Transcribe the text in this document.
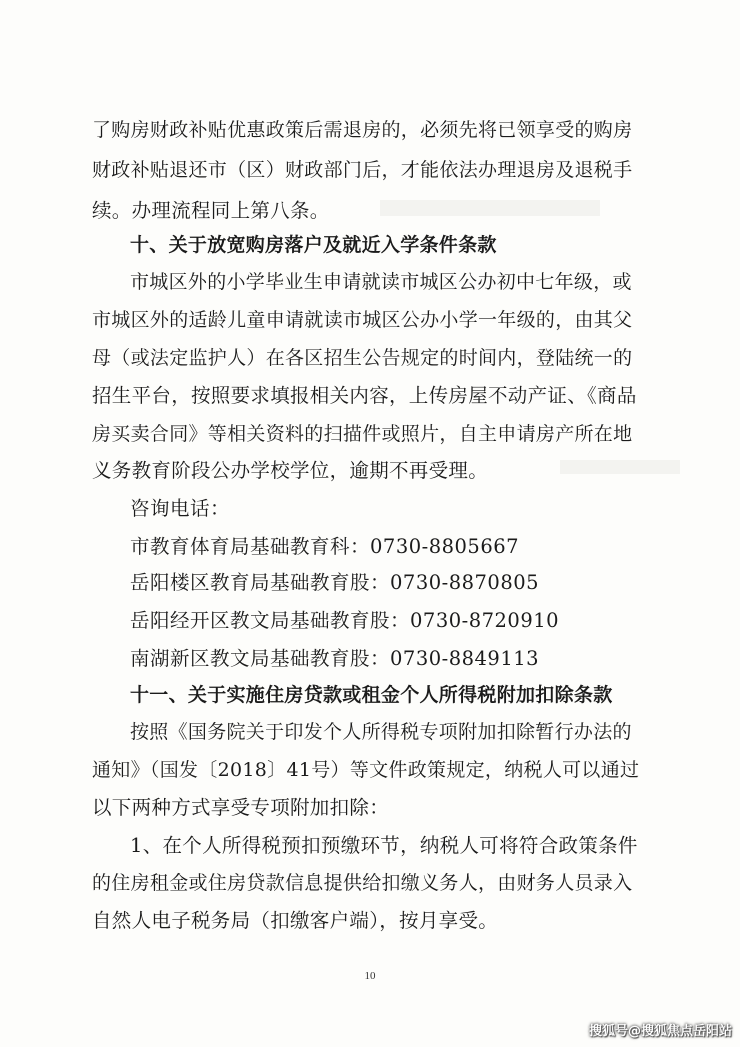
了购房财政补贴优惠政策后需退房的，必须先将已领享受的购房
财政补贴退还市（区）财政部门后，才能依法办理退房及退税手
续。办理流程同上第八条。
十、关于放宽购房落户及就近入学条件条款
市城区外的小学毕业生申请就读市城区公办初中七年级，或
市城区外的适龄儿童申请就读市城区公办小学一年级的，由其父
母（或法定监护人）在各区招生公告规定的时间内，登陆统一的
招生平台，按照要求填报相关内容，上传房屋不动产证、《商品
房买卖合同》等相关资料的扫描件或照片，自主申请房产所在地
义务教育阶段公办学校学位，逾期不再受理。
咨询电话：
市教育体育局基础教育科：0730-8805667
岳阳楼区教育局基础教育股：0730-8870805
岳阳经开区教文局基础教育股：0730-8720910
南湖新区教文局基础教育股：0730-8849113
十一、关于实施住房贷款或租金个人所得税附加扣除条款
按照《国务院关于印发个人所得税专项附加扣除暂行办法的
通知》（国发〔2018〕41号）等文件政策规定，纳税人可以通过
以下两种方式享受专项附加扣除：
1、在个人所得税预扣预缴环节，纳税人可将符合政策条件
的住房租金或住房贷款信息提供给扣缴义务人，由财务人员录入
自然人电子税务局（扣缴客户端），按月享受。
10
搜狐号@搜狐焦点岳阳站
